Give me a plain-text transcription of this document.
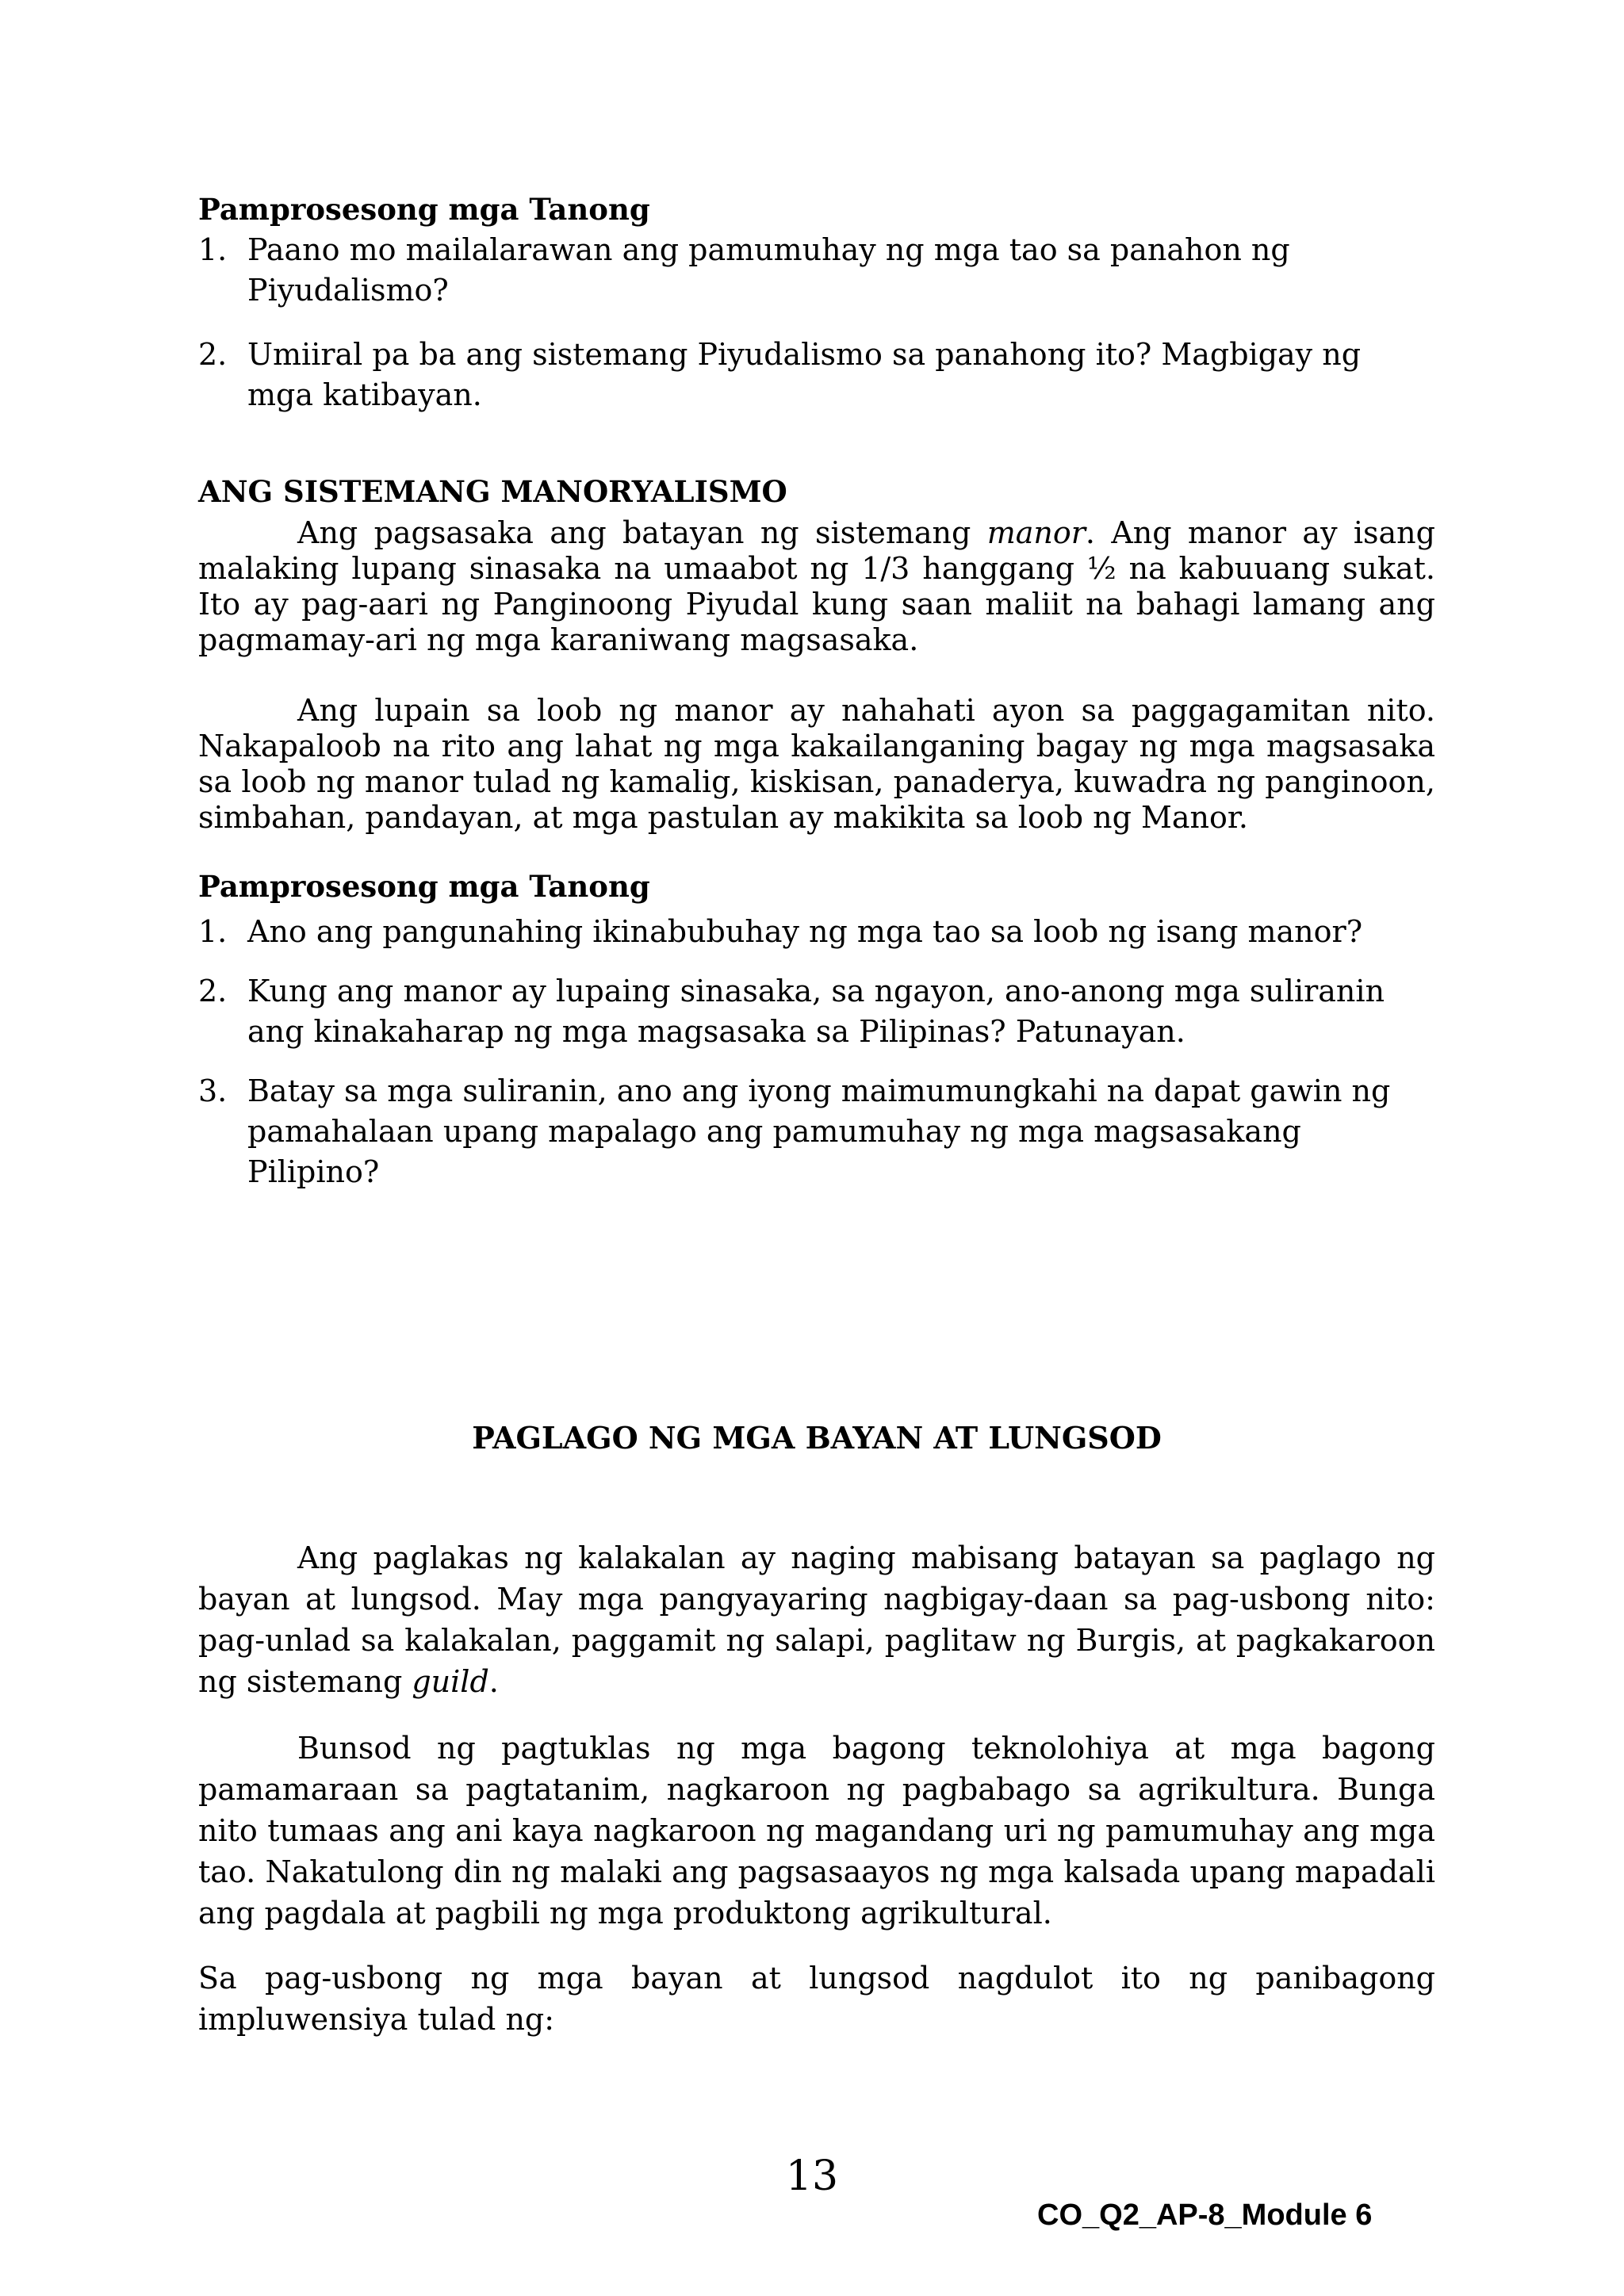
Pamprosesong mga Tanong
1. Paano mo mailalarawan ang pamumuhay ng mga tao sa panahon ng Piyudalismo?
2. Umiiral pa ba ang sistemang Piyudalismo sa panahong ito? Magbigay ng mga katibayan.
ANG SISTEMANG MANORYALISMO

Ang pagsasaka ang batayan ng sistemang manor. Ang manor ay isang malaking lupang sinasaka na umaabot ng 1/3 hanggang ½ na kabuuang sukat. Ito ay pag-aari ng Panginoong Piyudal kung saan maliit na bahagi lamang ang pagmamay-ari ng mga karaniwang magsasaka.

Ang lupain sa loob ng manor ay nahahati ayon sa paggagamitan nito. Nakapaloob na rito ang lahat ng mga kakailanganing bagay ng mga magsasaka sa loob ng manor tulad ng kamalig, kiskisan, panaderya, kuwadra ng panginoon, simbahan, pandayan, at mga pastulan ay makikita sa loob ng Manor.

Pamprosesong mga Tanong
1. Ano ang pangunahing ikinabubuhay ng mga tao sa loob ng isang manor?
2. Kung ang manor ay lupaing sinasaka, sa ngayon, ano-anong mga suliranin ang kinakaharap ng mga magsasaka sa Pilipinas? Patunayan.
3. Batay sa mga suliranin, ano ang iyong maimumungkahi na dapat gawin ng pamahalaan upang mapalago ang pamumuhay ng mga magsasakang Pilipino?
PAGLAGO NG MGA BAYAN AT LUNGSOD

Ang paglakas ng kalakalan ay naging mabisang batayan sa paglago ng bayan at lungsod. May mga pangyayaring nagbigay-daan sa pag-usbong nito: pag-unlad sa kalakalan, paggamit ng salapi, paglitaw ng Burgis, at pagkakaroon ng sistemang guild.

Bunsod ng pagtuklas ng mga bagong teknolohiya at mga bagong pamamaraan sa pagtatanim, nagkaroon ng pagbabago sa agrikultura. Bunga nito tumaas ang ani kaya nagkaroon ng magandang uri ng pamumuhay ang mga tao. Nakatulong din ng malaki ang pagsasaayos ng mga kalsada upang mapadali ang pagdala at pagbili ng mga produktong agrikultural.

Sa pag-usbong ng mga bayan at lungsod nagdulot ito ng panibagong impluwensiya tulad ng:

13
CO_Q2_AP-8_Module 6
